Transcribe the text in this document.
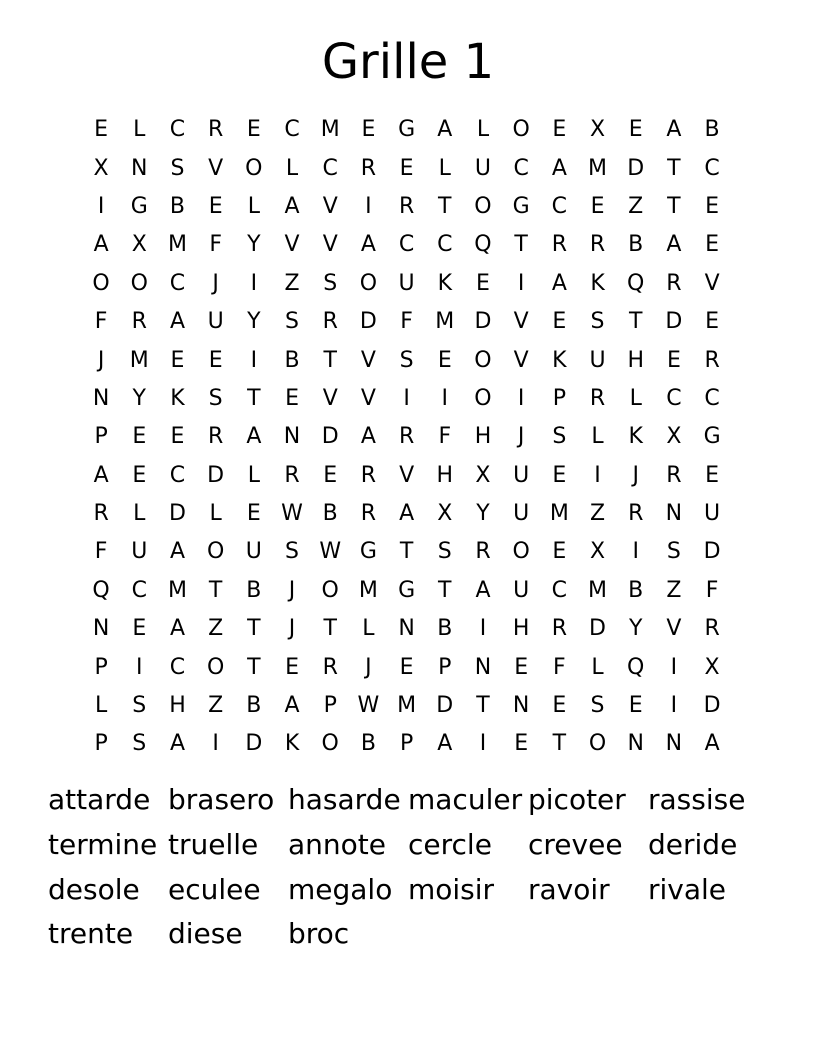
Grille 1
E	L	C	R	E	C M E	G	A	L	O	E	X	E	A	B
X	N	S	V O	L	C	R	E	L	U	C	A M D	T	C
I	G	B	E	L	A	V	I	R	T	O G C	E	Z	T	E
A	X M	F	Y	V	V	A	C	C Q	T	R	R	B	A	E
O O C	J	I	Z	S	O U	K	E	I	A	K	Q R	V
F	R	A	U	Y	S	R	D	F	M D	V	E	S	T	D	E
J	M E	E	I	B	T	V	S	E	O	V	K	U H	E	R
N	Y	K	S	T	E	V	V	I	I	O	I	P	R	L	C	C
P	E	E	R	A	N D	A	R	F	H	J	S	L	K	X	G
A	E	C	D	L	R	E	R	V	H	X	U	E	I	J	R	E
R	L	D	L	E W B	R	A	X	Y	U M Z	R	N U
F	U	A O U	S W G	T	S	R O	E	X	I	S	D
Q C M T	B	J	O M G	T	A	U	C M B	Z	F
N	E	A	Z	T	J	T	L	N	B	I	H	R	D	Y	V	R
P	I	C O	T	E	R	J	E	P	N	E	F	L	Q	I	X
L	S	H	Z	B	A	P W M D	T	N	E	S	E	I	D
P	S	A	I	D	K	O B	P	A	I	E	T	O N N	A
attarde brasero hasarde maculer picoter rassise
termine truelle	annote cercle	crevee deride
desole	eculee megalo moisir	ravoir	rivale
trente	diese	broc
